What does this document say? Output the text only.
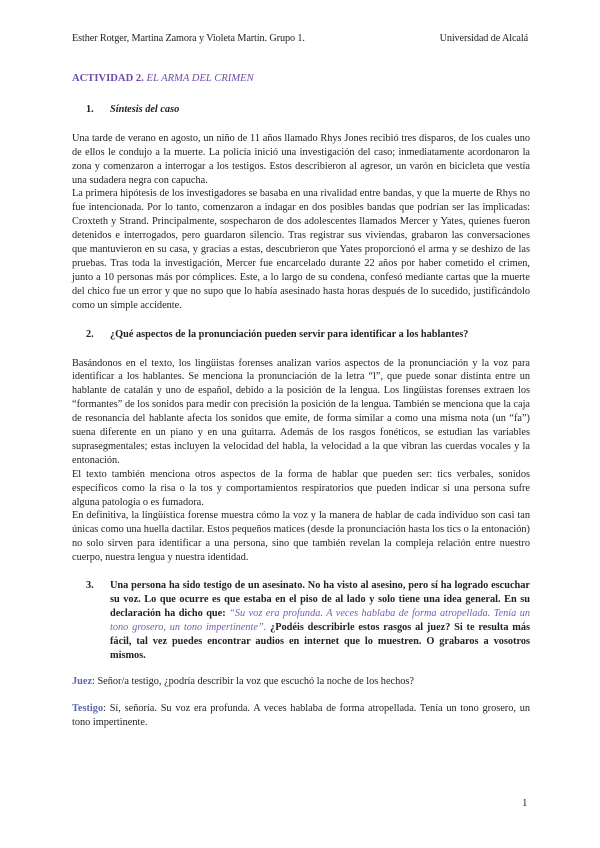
Esther Rotger, Martina Zamora y Violeta Martín. Grupo 1.	Universidad de Alcalá

ACTIVIDAD 2. EL ARMA DEL CRIMEN

1.	Síntesis del caso

Una tarde de verano en agosto, un niño de 11 años llamado Rhys Jones recibió tres disparos, de los cuales uno de ellos le condujo a la muerte. La policía inició una investigación del caso; inmediatamente acordonaron la zona y comenzaron a interrogar a los testigos. Estos describieron al agresor, un varón en bicicleta que vestía una sudadera negra con capucha.

La primera hipótesis de los investigadores se basaba en una rivalidad entre bandas, y que la muerte de Rhys no fue intencionada. Por lo tanto, comenzaron a indagar en dos posibles bandas que podrían ser las implicadas: Croxteth y Strand. Principalmente, sospecharon de dos adolescentes llamados Mercer y Yates, quienes fueron detenidos e interrogados, pero guardaron silencio. Tras registrar sus viviendas, grabaron las conversaciones que mantuvieron en su casa, y gracias a estas, descubrieron que Yates proporcionó el arma y se deshizo de las pruebas. Tras toda la investigación, Mercer fue encarcelado durante 22 años por haber cometido el crimen, junto a 10 personas más por cómplices. Este, a lo largo de su condena, confesó mediante cartas que la muerte del chico fue un error y que no supo que lo había asesinado hasta horas después de lo sucedido, justificándolo como un simple accidente.

2.	¿Qué aspectos de la pronunciación pueden servir para identificar a los hablantes?

Basándonos en el texto, los lingüistas forenses analizan varios aspectos de la pronunciación y la voz para identificar a los hablantes. Se menciona la pronunciación de la letra “l”, que puede sonar distinta entre un hablante de catalán y uno de español, debido a la posición de la lengua. Los lingüistas forenses extraen los “formantes” de los sonidos para medir con precisión la posición de la lengua. También se menciona que la caja de resonancia del hablante afecta los sonidos que emite, de forma similar a como una misma nota (un “fa”) suena diferente en un piano y en una guitarra. Además de los rasgos fonéticos, se estudian las variables suprasegmentales; estas incluyen la velocidad del habla, la velocidad a la que vibran las cuerdas vocales y la entonación.

El texto también menciona otros aspectos de la forma de hablar que pueden ser: tics verbales, sonidos específicos como la risa o la tos y comportamientos respiratorios que pueden indicar si una persona sufre alguna patología o es fumadora.

En definitiva, la lingüística forense muestra cómo la voz y la manera de hablar de cada individuo son casi tan únicas como una huella dactilar. Estos pequeños matices (desde la pronunciación hasta los tics o la entonación) no solo sirven para identificar a una persona, sino que también revelan la compleja relación entre nuestro cuerpo, nuestra lengua y nuestra identidad.

3.	Una persona ha sido testigo de un asesinato. No ha visto al asesino, pero sí ha logrado escuchar su voz. Lo que ocurre es que estaba en el piso de al lado y solo tiene una idea general. En su declaración ha dicho que: “Su voz era profunda. A veces hablaba de forma atropellada. Tenía un tono grosero, un tono impertinente”. ¿Podéis describirle estos rasgos al juez? Si te resulta más fácil, tal vez puedes encontrar audios en internet que lo muestren. O grabaros a vosotros mismos.

Juez: Señor/a testigo, ¿podría describir la voz que escuchó la noche de los hechos?

Testigo: Sí, señoría. Su voz era profunda. A veces hablaba de forma atropellada. Tenía un tono grosero, un tono impertinente.

1
